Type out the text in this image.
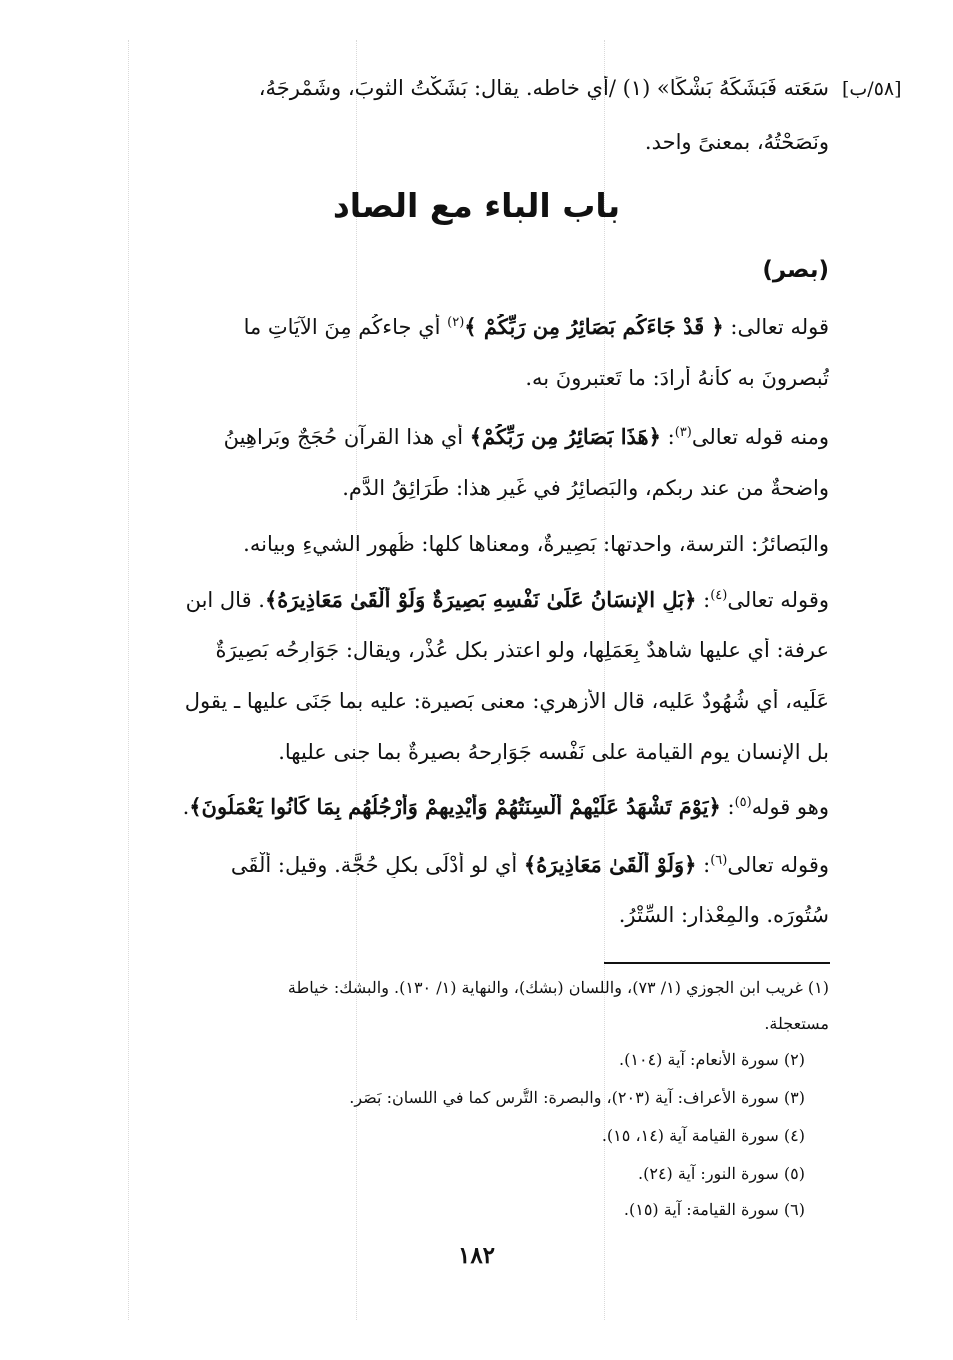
[٥٨/ب]
سَعَته فَبَشَكَهُ بَشْكًا» (١) /أي خاطه. يقال: بَشَكْتُ الثوبَ، وشَمْرجَهُ،
ونَصَحْتُهُ، بمعنىً واحد.
باب الباء مع الصاد
(بصر)
قوله تعالى: ﴿ قَدْ جَاءَكُم بَصَائِرُ مِن رَبِّكُمْ ﴾$^{(٢)}$ أي جاءكُم مِنَ الآيَاتِ ما
تُبصرونَ به كأنهُ أرادَ: ما تَعتبرونَ به.
ومنه قوله تعالى$^{(٣)}$: ﴿هَذَا بَصَائِرُ مِن رَبِّكُمْ﴾ أي هذا القرآن حُجَجٌ وبَراهِينُ
واضحةٌ من عند ربكم، والبَصائِرُ في غَيرِ هذا: طَرَائِقُ الدَّمِ.
والبَصائرُ: الترسة، واحدتها: بَصِيرةٌ، ومعناها كلها: ظُهور الشيءِ وبيانه.
وقوله تعالى$^{(٤)}$: ﴿بَلِ الإِنسَانُ عَلَىٰ نَفْسِهِ بَصِيرَةٌ وَلَوْ أَلْقَىٰ مَعَاذِيرَهُ﴾. قال ابن
عرفة: أي عليها شاهدٌ بِعَمَلِها، ولو اعتذر بكل عُذْر، ويقال: جَوَارِحُه بَصِيرَةٌ
عَلَيه، أي شُهُودٌ عَليه، قال الأزهري: معنى بَصيرة: عليه بما جَنَى عليها ـ يقول
بل الإنسان يوم القيامة على نَفْسه جَوَارِحهُ بصيرةٌ بما جنى عليها.
وهو قوله$^{(٥)}$: ﴿يَوْمَ تَشْهَدُ عَلَيْهِمْ أَلْسِنَتُهُمْ وَأَيْدِيهِمْ وَأَرْجُلُهُم بِمَا كَانُوا يَعْمَلُونَ﴾.
وقوله تعالى$^{(٦)}$: ﴿وَلَوْ أَلْقَىٰ مَعَاذِيرَهُ﴾ أي لو أدْلَى بكلِ حُجَّة. وقيل: أَلْقَى
سُتُورَه. والمِعْذار: السِّتْرُ.
(١) غريب ابن الجوزي (١/ ٧٣)، واللسان (بشك)، والنهاية (١/ ١٣٠). والبشك: خياطة
مستعجلة.
(٢) سورة الأنعام: آية (١٠٤).
(٣) سورة الأعراف: آية (٢٠٣)، والبصرة: التُّرس كما في اللسان: بَصَر.
(٤) سورة القيامة آية (١٤، ١٥).
(٥) سورة النور: آية (٢٤).
(٦) سورة القيامة: آية (١٥).
١٨٢
